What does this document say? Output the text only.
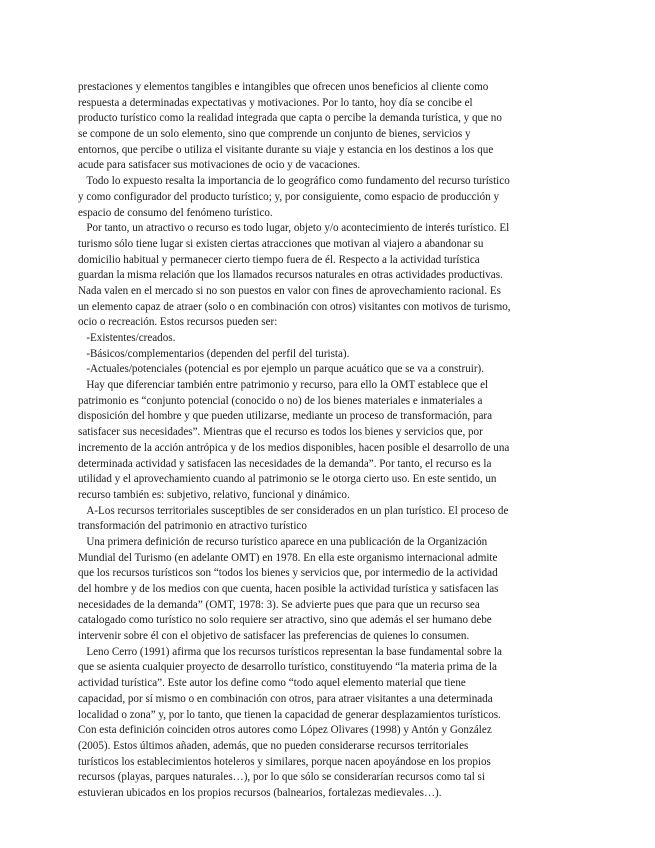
prestaciones y elementos tangibles e intangibles que ofrecen unos beneficios al cliente como
respuesta a determinadas expectativas y motivaciones. Por lo tanto, hoy día se concibe el
producto turístico como la realidad integrada que capta o percibe la demanda turística, y que no
se compone de un solo elemento, sino que comprende un conjunto de bienes, servicios y
entornos, que percibe o utiliza el visitante durante su viaje y estancia en los destinos a los que
acude para satisfacer sus motivaciones de ocio y de vacaciones.
Todo lo expuesto resalta la importancia de lo geográfico como fundamento del recurso turístico
y como configurador del producto turístico; y, por consiguiente, como espacio de producción y
espacio de consumo del fenómeno turístico.
Por tanto, un atractivo o recurso es todo lugar, objeto y/o acontecimiento de interés turístico. El
turismo sólo tiene lugar si existen ciertas atracciones que motivan al viajero a abandonar su
domicilio habitual y permanecer cierto tiempo fuera de él. Respecto a la actividad turística
guardan la misma relación que los llamados recursos naturales en otras actividades productivas.
Nada valen en el mercado si no son puestos en valor con fines de aprovechamiento racional. Es
un elemento capaz de atraer (solo o en combinación con otros) visitantes con motivos de turismo,
ocio o recreación. Estos recursos pueden ser:
-Existentes/creados.
-Básicos/complementarios (dependen del perfil del turista).
-Actuales/potenciales (potencial es por ejemplo un parque acuático que se va a construir).
Hay que diferenciar también entre patrimonio y recurso, para ello la OMT establece que el
patrimonio es “conjunto potencial (conocido o no) de los bienes materiales e inmateriales a
disposición del hombre y que pueden utilizarse, mediante un proceso de transformación, para
satisfacer sus necesidades”. Mientras que el recurso es todos los bienes y servicios que, por
incremento de la acción antrópica y de los medios disponibles, hacen posible el desarrollo de una
determinada actividad y satisfacen las necesidades de la demanda”. Por tanto, el recurso es la
utilidad y el aprovechamiento cuando al patrimonio se le otorga cierto uso. En este sentido, un
recurso también es: subjetivo, relativo, funcional y dinámico.
A-Los recursos territoriales susceptibles de ser considerados en un plan turístico. El proceso de
transformación del patrimonio en atractivo turístico
Una primera definición de recurso turístico aparece en una publicación de la Organización
Mundial del Turismo (en adelante OMT) en 1978. En ella este organismo internacional admite
que los recursos turísticos son “todos los bienes y servicios que, por intermedio de la actividad
del hombre y de los medios con que cuenta, hacen posible la actividad turística y satisfacen las
necesidades de la demanda” (OMT, 1978: 3). Se advierte pues que para que un recurso sea
catalogado como turístico no solo requiere ser atractivo, sino que además el ser humano debe
intervenir sobre él con el objetivo de satisfacer las preferencias de quienes lo consumen.
Leno Cerro (1991) afirma que los recursos turísticos representan la base fundamental sobre la
que se asienta cualquier proyecto de desarrollo turístico, constituyendo “la materia prima de la
actividad turística”. Este autor los define como “todo aquel elemento material que tiene
capacidad, por sí mismo o en combinación con otros, para atraer visitantes a una determinada
localidad o zona” y, por lo tanto, que tienen la capacidad de generar desplazamientos turísticos.
Con esta definición coinciden otros autores como López Olivares (1998) y Antón y González
(2005). Estos últimos añaden, además, que no pueden considerarse recursos territoriales
turísticos los establecimientos hoteleros y similares, porque nacen apoyándose en los propios
recursos (playas, parques naturales…), por lo que sólo se considerarían recursos como tal si
estuvieran ubicados en los propios recursos (balnearios, fortalezas medievales…).
